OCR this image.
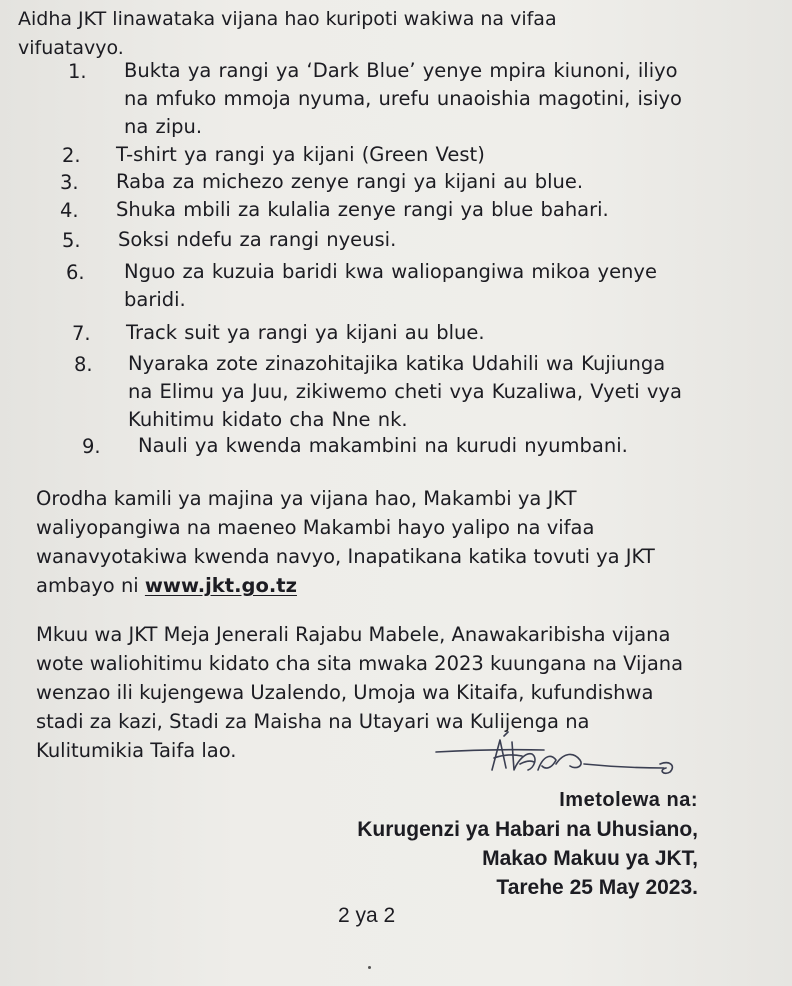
Aidha JKT linawataka vijana hao kuripoti wakiwa na vifaa
vifuatavyo.
1.	Bukta ya rangi ya ‘Dark Blue’ yenye mpira kiunoni, iliyo
na mfuko mmoja nyuma, urefu unaoishia magotini, isiyo
na zipu.
2.	T-shirt ya rangi ya kijani (Green Vest)
3.	Raba za michezo zenye rangi ya kijani au blue.
4.	Shuka mbili za kulalia zenye rangi ya blue bahari.
5.	Soksi ndefu za rangi nyeusi.
6.	Nguo za kuzuia baridi kwa waliopangiwa mikoa yenye
baridi.
7.	Track suit ya rangi ya kijani au blue.
8.	Nyaraka zote zinazohitajika katika Udahili wa Kujiunga
na Elimu ya Juu, zikiwemo cheti vya Kuzaliwa, Vyeti vya
Kuhitimu kidato cha Nne nk.
9.	Nauli ya kwenda makambini na kurudi nyumbani.
Orodha kamili ya majina ya vijana hao, Makambi ya JKT
waliyopangiwa na maeneo Makambi hayo yalipo na vifaa
wanavyotakiwa kwenda navyo, Inapatikana katika tovuti ya JKT
ambayo ni www.jkt.go.tz
Mkuu wa JKT Meja Jenerali Rajabu Mabele, Anawakaribisha vijana
wote waliohitimu kidato cha sita mwaka 2023 kuungana na Vijana
wenzao ili kujengewa Uzalendo, Umoja wa Kitaifa, kufundishwa
stadi za kazi, Stadi za Maisha na Utayari wa Kulijenga na
Kulitumikia Taifa lao.
Imetolewa na:
Kurugenzi ya Habari na Uhusiano,
Makao Makuu ya JKT,
Tarehe 25 May 2023.
2 ya 2
